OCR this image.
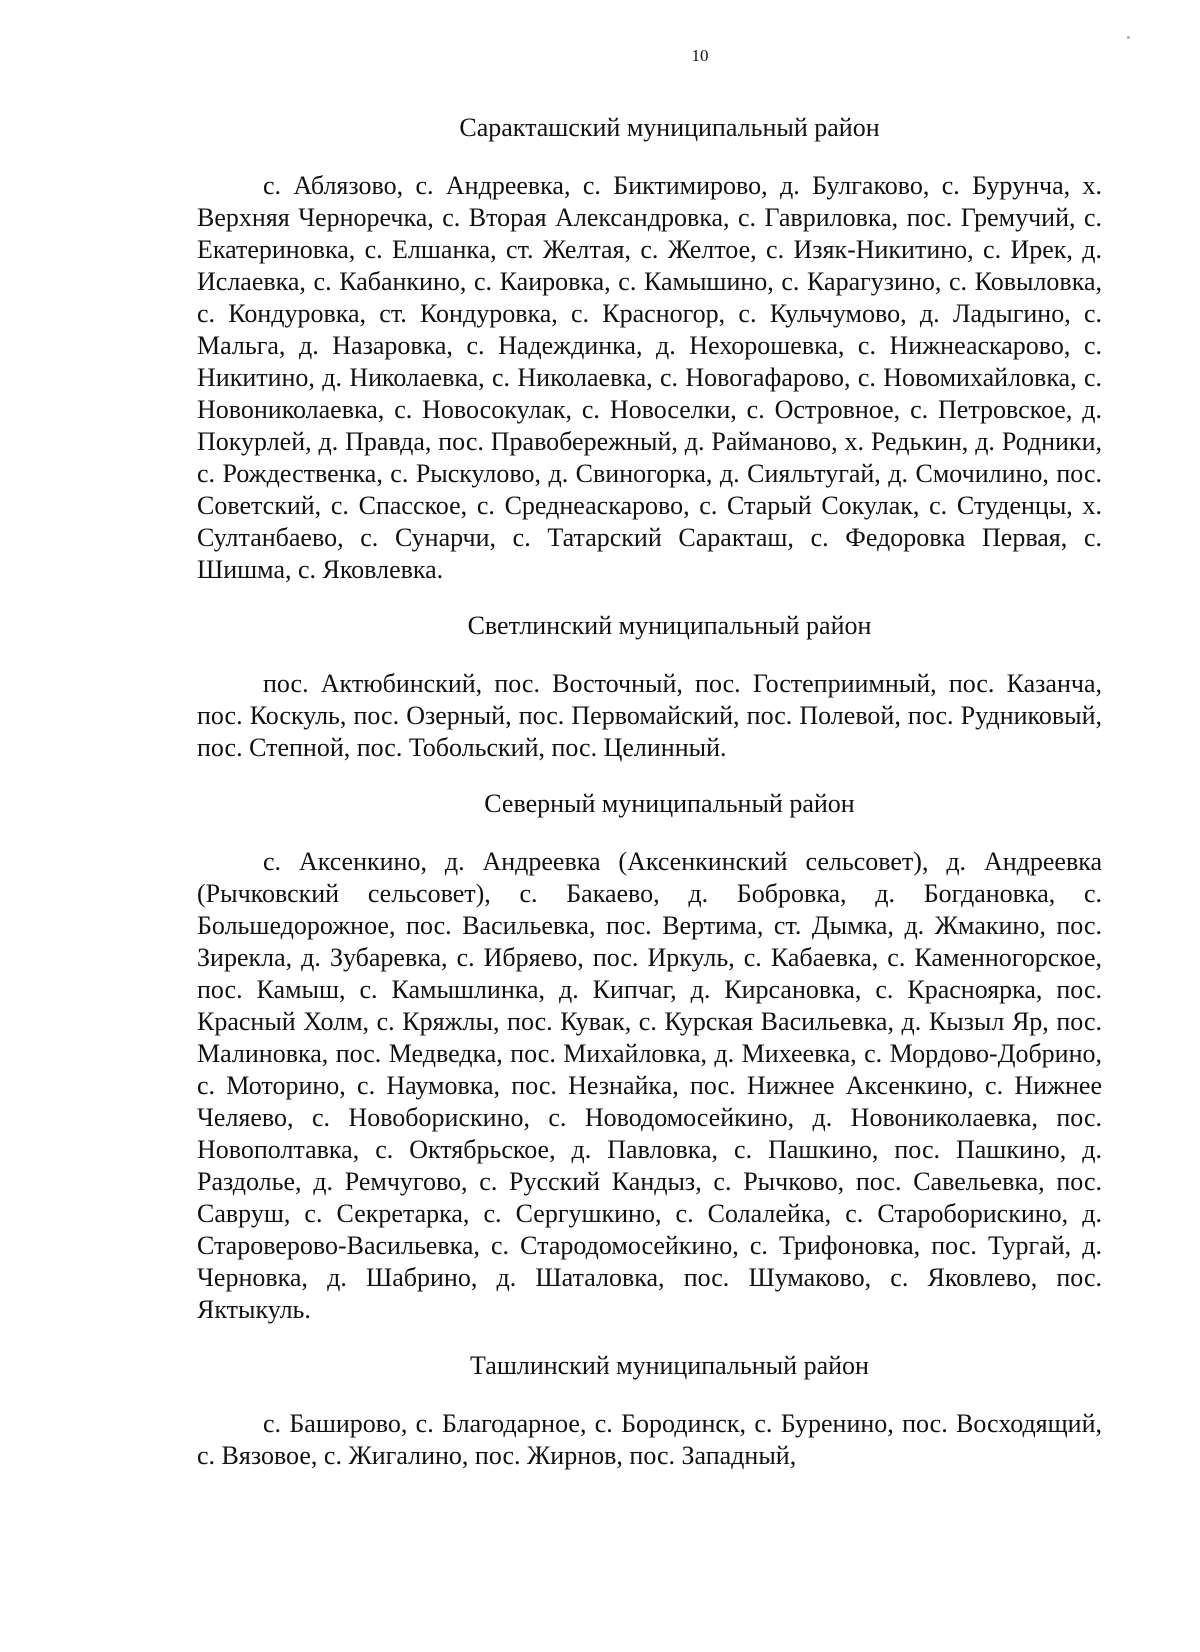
10
Саракташский муниципальный район

с. Аблязово, с. Андреевка, с. Биктимирово, д. Булгаково, с. Бурунча, х. Верхняя Черноречка, с. Вторая Александровка, с. Гавриловка, пос. Гремучий, с. Екатериновка, с. Елшанка, ст. Желтая, с. Желтое, с. Изяк-Никитино, с. Ирек, д. Ислаевка, с. Кабанкино, с. Каировка, с. Камышино, с. Карагузино, с. Ковыловка, с. Кондуровка, ст. Кондуровка, с. Красногор, с. Кульчумово, д. Ладыгино, с. Мальга, д. Назаровка, с. Надеждинка, д. Нехорошевка, с. Нижнеаскарово, с. Никитино, д. Николаевка, с. Николаевка, с. Новогафарово, с. Новомихайловка, с. Новониколаевка, с. Новосокулак, с. Новоселки, с. Островное, с. Петровское, д. Покурлей, д. Правда, пос. Правобережный, д. Райманово, х. Редькин, д. Родники, с. Рождественка, с. Рыскулово, д. Свиногорка, д. Сияльтугай, д. Смочилино, пос. Советский, с. Спасское, с. Среднеаскарово, с. Старый Сокулак, с. Студенцы, х. Султанбаево, с. Сунарчи, с. Татарский Саракташ, с. Федоровка Первая, с. Шишма, с. Яковлевка.

Светлинский муниципальный район

пос. Актюбинский, пос. Восточный, пос. Гостеприимный, пос. Казанча, пос. Коскуль, пос. Озерный, пос. Первомайский, пос. Полевой, пос. Рудниковый, пос. Степной, пос. Тобольский, пос. Целинный.

Северный муниципальный район

с. Аксенкино, д. Андреевка (Аксенкинский сельсовет), д. Андреевка (Рычковский сельсовет), с. Бакаево, д. Бобровка, д. Богдановка, с. Большедорожное, пос. Васильевка, пос. Вертима, ст. Дымка, д. Жмакино, пос. Зирекла, д. Зубаревка, с. Ибряево, пос. Иркуль, с. Кабаевка, с. Каменногорское, пос. Камыш, с. Камышлинка, д. Кипчаг, д. Кирсановка, с. Красноярка, пос. Красный Холм, с. Кряжлы, пос. Кувак, с. Курская Васильевка, д. Кызыл Яр, пос. Малиновка, пос. Медведка, пос. Михайловка, д. Михеевка, с. Мордово-Добрино, с. Моторино, с. Наумовка, пос. Незнайка, пос. Нижнее Аксенкино, с. Нижнее Челяево, с. Новоборискино, с. Новодомосейкино, д. Новониколаевка, пос. Новополтавка, с. Октябрьское, д. Павловка, с. Пашкино, пос. Пашкино, д. Раздолье, д. Ремчугово, с. Русский Кандыз, с. Рычково, пос. Савельевка, пос. Савруш, с. Секретарка, с. Сергушкино, с. Солалейка, с. Староборискино, д. Староверово-Васильевка, с. Стародомосейкино, с. Трифоновка, пос. Тургай, д. Черновка, д. Шабрино, д. Шаталовка, пос. Шумаково, с. Яковлево, пос. Яктыкуль.

Ташлинский муниципальный район

с. Баширово, с. Благодарное, с. Бородинск, с. Буренино, пос. Восходящий, с. Вязовое, с. Жигалино, пос. Жирнов, пос. Западный,
